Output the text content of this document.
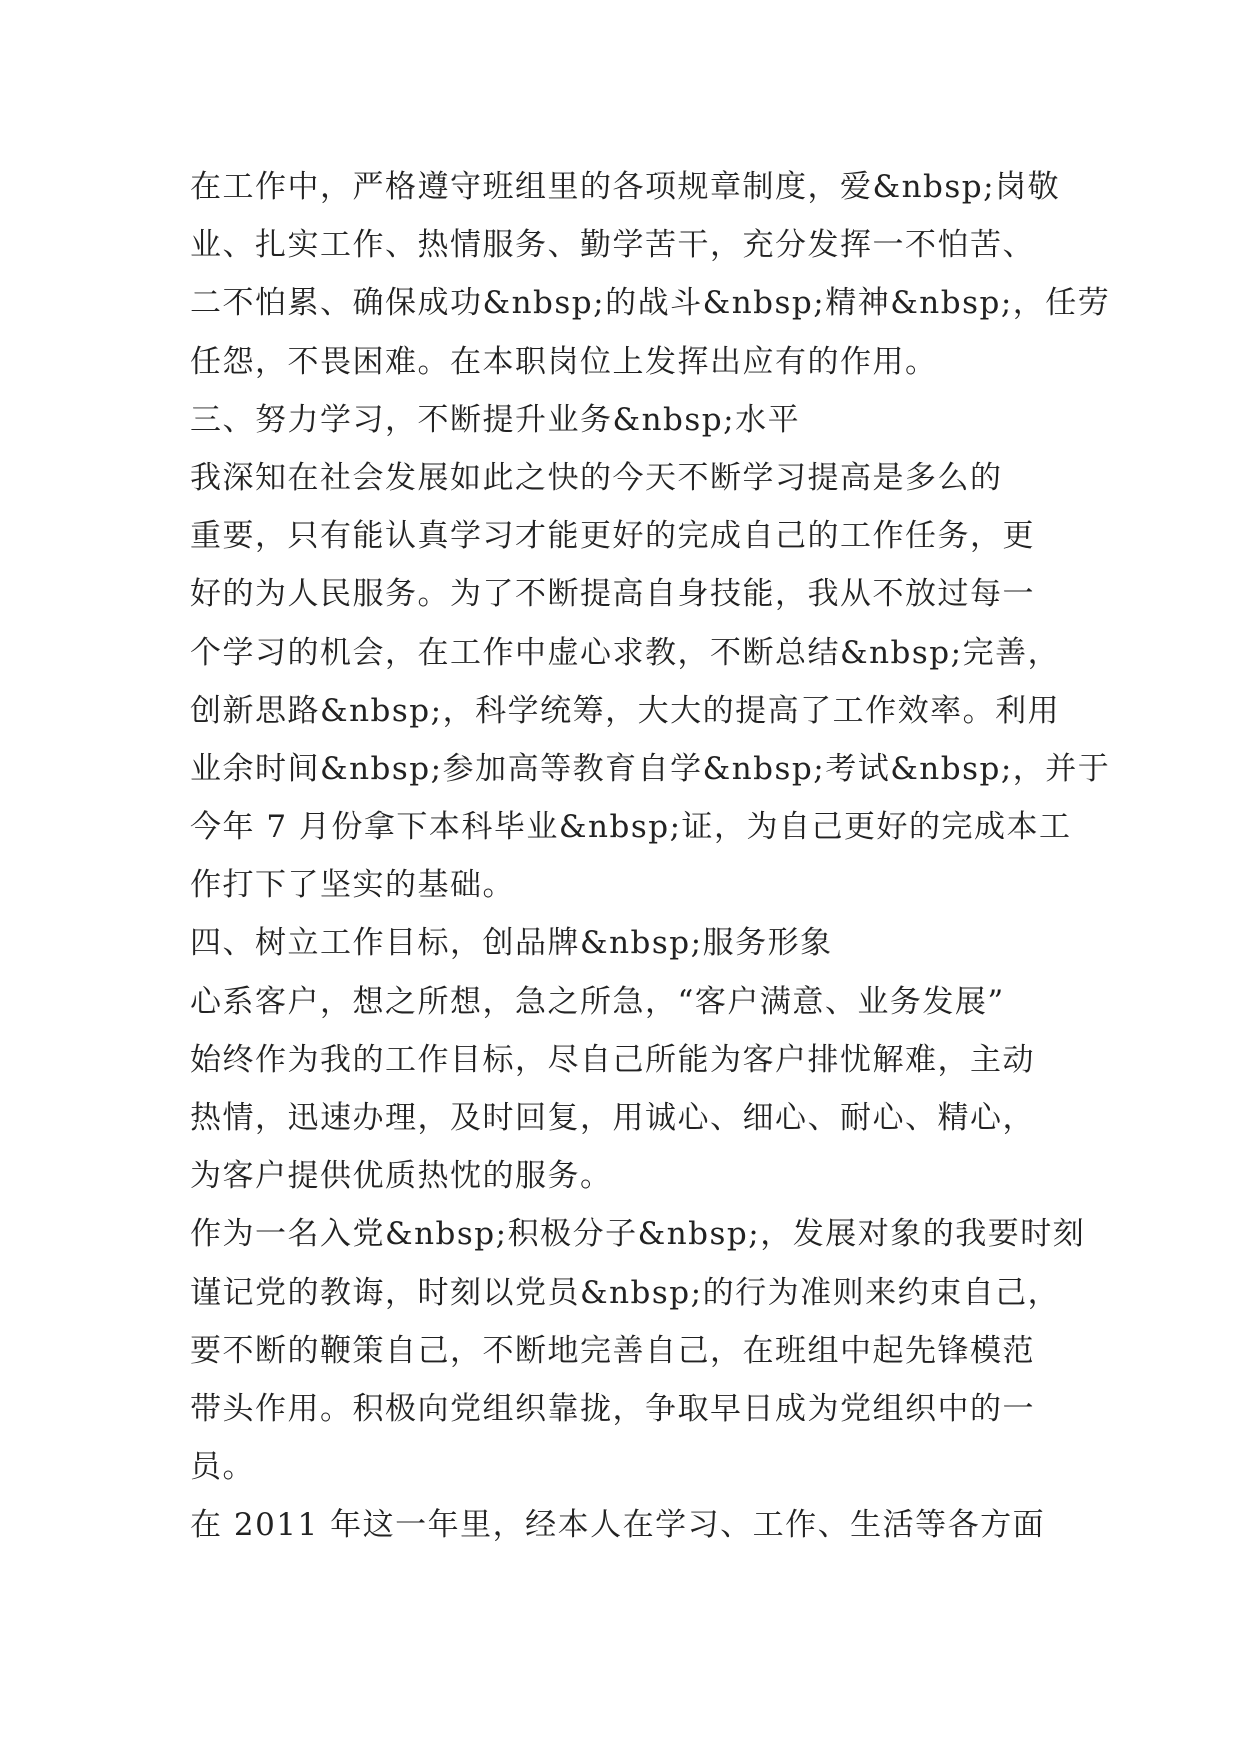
在工作中，严格遵守班组里的各项规章制度，爱&nbsp;岗敬
业、扎实工作、热情服务、勤学苦干，充分发挥一不怕苦、
二不怕累、确保成功&nbsp;的战斗&nbsp;精神&nbsp;，任劳
任怨，不畏困难。在本职岗位上发挥出应有的作用。
三、努力学习，不断提升业务&nbsp;水平
我深知在社会发展如此之快的今天不断学习提高是多么的
重要，只有能认真学习才能更好的完成自己的工作任务，更
好的为人民服务。为了不断提高自身技能，我从不放过每一
个学习的机会，在工作中虚心求教，不断总结&nbsp;完善，
创新思路&nbsp;，科学统筹，大大的提高了工作效率。利用
业余时间&nbsp;参加高等教育自学&nbsp;考试&nbsp;，并于
今年 7 月份拿下本科毕业&nbsp;证，为自己更好的完成本工
作打下了坚实的基础。
四、树立工作目标，创品牌&nbsp;服务形象
心系客户，想之所想，急之所急，“客户满意、业务发展”
始终作为我的工作目标，尽自己所能为客户排忧解难，主动
热情，迅速办理，及时回复，用诚心、细心、耐心、精心，
为客户提供优质热忱的服务。
作为一名入党&nbsp;积极分子&nbsp;，发展对象的我要时刻
谨记党的教诲，时刻以党员&nbsp;的行为准则来约束自己，
要不断的鞭策自己，不断地完善自己，在班组中起先锋模范
带头作用。积极向党组织靠拢，争取早日成为党组织中的一
员。
在 2011 年这一年里，经本人在学习、工作、生活等各方面
